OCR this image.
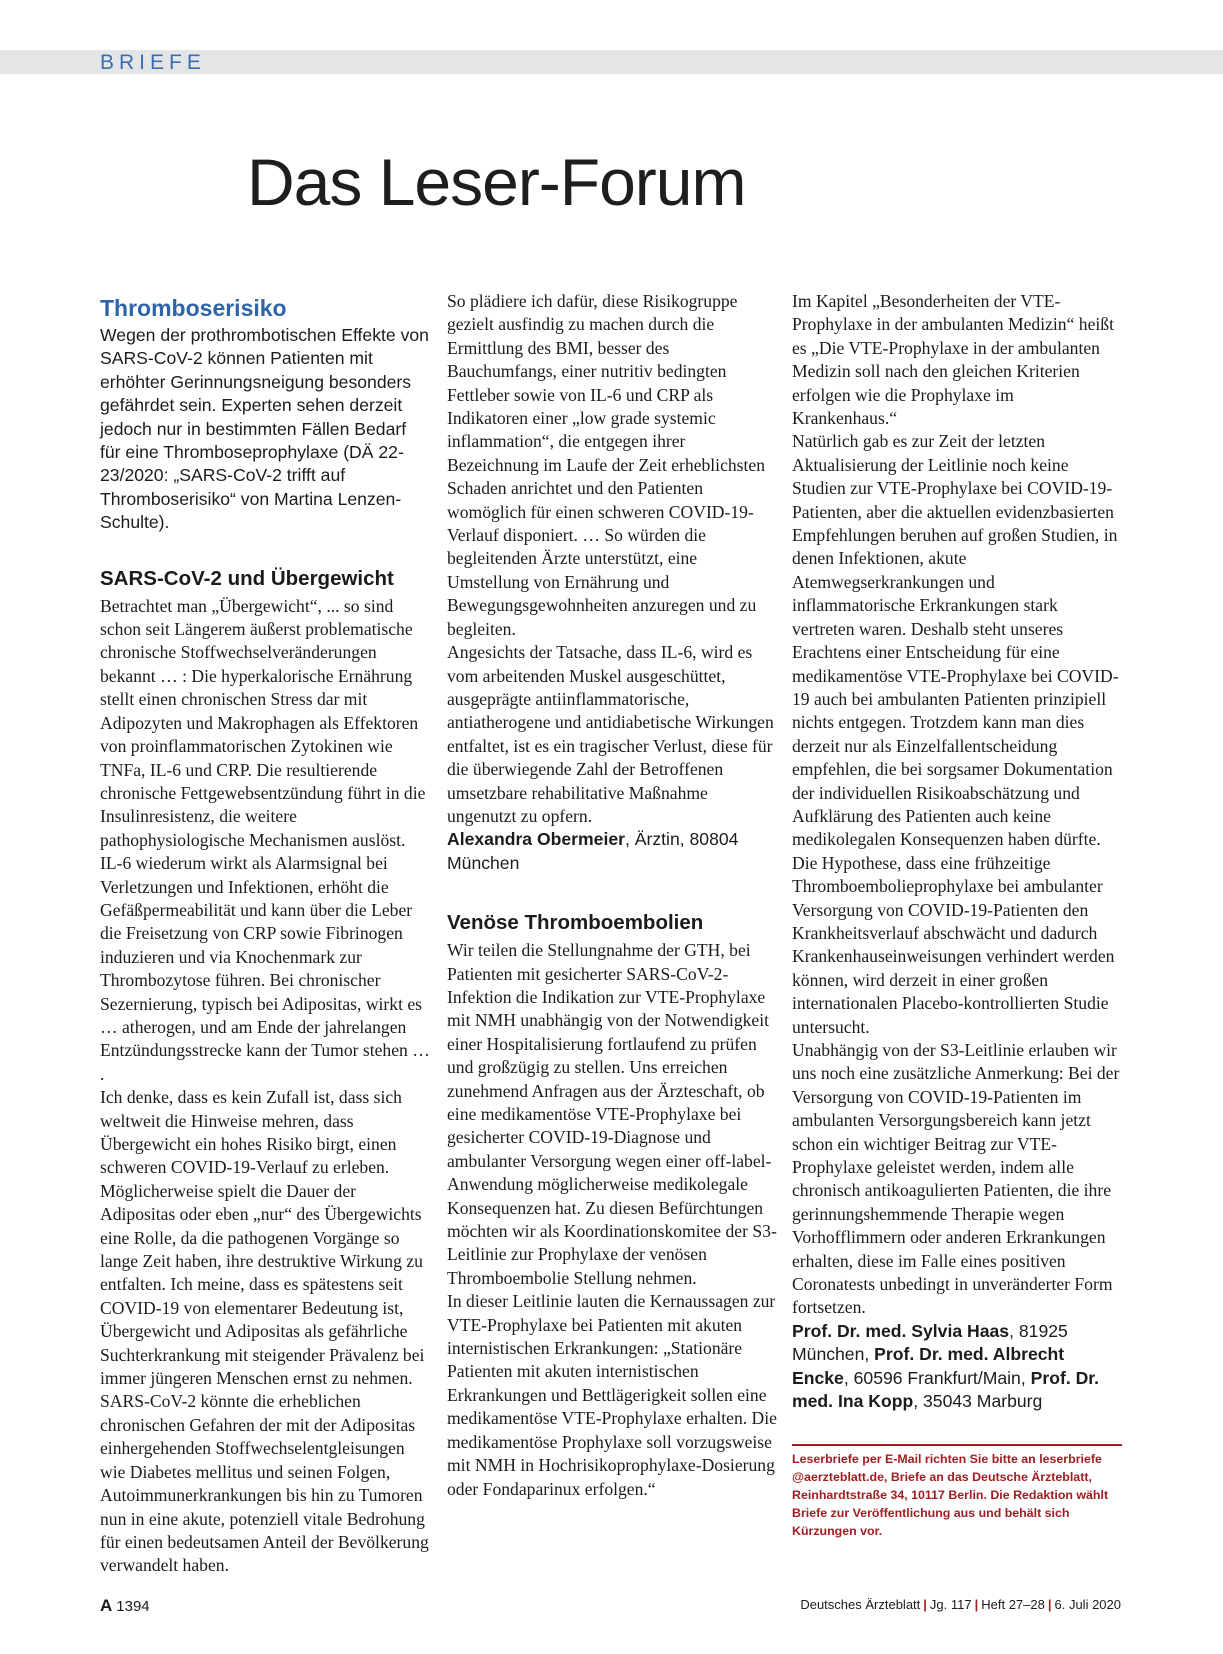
BRIEFE
Das Leser-Forum
Thromboserisiko

Wegen der prothrombotischen Effekte von SARS-CoV-2 können Patienten mit erhöhter Gerinnungsneigung besonders gefährdet sein. Experten sehen derzeit jedoch nur in bestimmten Fällen Bedarf für eine Thromboseprophylaxe (DÄ 22-23/2020: „SARS-CoV-2 trifft auf Thromboserisiko“ von Martina Lenzen-Schulte).

SARS-CoV-2 und Übergewicht

Betrachtet man „Übergewicht“, ... so sind schon seit Längerem äußerst problematische chronische Stoffwechselveränderungen bekannt … : Die hyperkalorische Ernährung stellt einen chronischen Stress dar mit Adipozyten und Makrophagen als Effektoren von proinflammatorischen Zytokinen wie TNFa, IL-6 und CRP. Die resultierende chronische Fettgewebsentzündung führt in die Insulinresistenz, die weitere pathophysiologische Mechanismen auslöst.

IL-6 wiederum wirkt als Alarmsignal bei Verletzungen und Infektionen, erhöht die Gefäßpermeabilität und kann über die Leber die Freisetzung von CRP sowie Fibrinogen induzieren und via Knochenmark zur Thrombozytose führen. Bei chronischer Sezernierung, typisch bei Adipositas, wirkt es … atherogen, und am Ende der jahrelangen Entzündungsstrecke kann der Tumor stehen … .

Ich denke, dass es kein Zufall ist, dass sich weltweit die Hinweise mehren, dass Übergewicht ein hohes Risiko birgt, einen schweren COVID-19-Verlauf zu erleben. Möglicherweise spielt die Dauer der Adipositas oder eben „nur“ des Übergewichts eine Rolle, da die pathogenen Vorgänge so lange Zeit haben, ihre destruktive Wirkung zu entfalten. Ich meine, dass es spätestens seit COVID-19 von elementarer Bedeutung ist, Übergewicht und Adipositas als gefährliche Suchterkrankung mit steigender Prävalenz bei immer jüngeren Menschen ernst zu nehmen. SARS-CoV-2 könnte die erheblichen chronischen Gefahren der mit der Adipositas einhergehenden Stoffwechselentgleisungen wie Diabetes mellitus und seinen Folgen, Autoimmunerkrankungen bis hin zu Tumoren nun in eine akute, potenziell vitale Bedrohung für einen bedeutsamen Anteil der Bevölkerung verwandelt haben.

So plädiere ich dafür, diese Risikogruppe gezielt ausfindig zu machen durch die Ermittlung des BMI, besser des Bauchumfangs, einer nutritiv bedingten Fettleber sowie von IL-6 und CRP als Indikatoren einer „low grade systemic inflammation“, die entgegen ihrer Bezeichnung im Laufe der Zeit erheblichsten Schaden anrichtet und den Patienten womöglich für einen schweren COVID-19-Verlauf disponiert. … So würden die begleitenden Ärzte unterstützt, eine Umstellung von Ernährung und Bewegungsgewohnheiten anzuregen und zu begleiten.

Angesichts der Tatsache, dass IL-6, wird es vom arbeitenden Muskel ausgeschüttet, ausgeprägte antiinflammatorische, antiatherogene und antidiabetische Wirkungen entfaltet, ist es ein tragischer Verlust, diese für die überwiegende Zahl der Betroffenen umsetzbare rehabilitative Maßnahme ungenutzt zu opfern.

Alexandra Obermeier, Ärztin, 80804 München

Venöse Thromboembolien

Wir teilen die Stellungnahme der GTH, bei Patienten mit gesicherter SARS-CoV-2-Infektion die Indikation zur VTE-Prophylaxe mit NMH unabhängig von der Notwendigkeit einer Hospitalisierung fortlaufend zu prüfen und großzügig zu stellen. Uns erreichen zunehmend Anfragen aus der Ärzteschaft, ob eine medikamentöse VTE-Prophylaxe bei gesicherter COVID-19-Diagnose und ambulanter Versorgung wegen einer off-label-Anwendung möglicherweise medikolegale Konsequenzen hat. Zu diesen Befürchtungen möchten wir als Koordinationskomitee der S3-Leitlinie zur Prophylaxe der venösen Thromboembolie Stellung nehmen.

In dieser Leitlinie lauten die Kernaussagen zur VTE-Prophylaxe bei Patienten mit akuten internistischen Erkrankungen: „Stationäre Patienten mit akuten internistischen Erkrankungen und Bettlägerigkeit sollen eine medikamentöse VTE-Prophylaxe erhalten. Die medikamentöse Prophylaxe soll vorzugsweise mit NMH in Hochrisikoprophylaxe-Dosierung oder Fondaparinux erfolgen.“

Im Kapitel „Besonderheiten der VTE-Prophylaxe in der ambulanten Medizin“ heißt es „Die VTE-Prophylaxe in der ambulanten Medizin soll nach den gleichen Kriterien erfolgen wie die Prophylaxe im Krankenhaus.“

Natürlich gab es zur Zeit der letzten Aktualisierung der Leitlinie noch keine Studien zur VTE-Prophylaxe bei COVID-19-Patienten, aber die aktuellen evidenzbasierten Empfehlungen beruhen auf großen Studien, in denen Infektionen, akute Atemwegserkrankungen und inflammatorische Erkrankungen stark vertreten waren. Deshalb steht unseres Erachtens einer Entscheidung für eine medikamentöse VTE-Prophylaxe bei COVID-19 auch bei ambulanten Patienten prinzipiell nichts entgegen. Trotzdem kann man dies derzeit nur als Einzelfallentscheidung empfehlen, die bei sorgsamer Dokumentation der individuellen Risikoabschätzung und Aufklärung des Patienten auch keine medikolegalen Konsequenzen haben dürfte.

Die Hypothese, dass eine frühzeitige Thromboembolieprophylaxe bei ambulanter Versorgung von COVID-19-Patienten den Krankheitsverlauf abschwächt und dadurch Krankenhauseinweisungen verhindert werden können, wird derzeit in einer großen internationalen Placebo-kontrollierten Studie untersucht.

Unabhängig von der S3-Leitlinie erlauben wir uns noch eine zusätzliche Anmerkung: Bei der Versorgung von COVID-19-Patienten im ambulanten Versorgungsbereich kann jetzt schon ein wichtiger Beitrag zur VTE-Prophylaxe geleistet werden, indem alle chronisch antikoagulierten Patienten, die ihre gerinnungshemmende Therapie wegen Vorhofflimmern oder anderen Erkrankungen erhalten, diese im Falle eines positiven Coronatests unbedingt in unveränderter Form fortsetzen.

Prof. Dr. med. Sylvia Haas, 81925 München, Prof. Dr. med. Albrecht Encke, 60596 Frankfurt/Main, Prof. Dr. med. Ina Kopp, 35043 Marburg

Leserbriefe per E-Mail richten Sie bitte an leserbriefe @aerzteblatt.de, Briefe an das Deutsche Ärzteblatt, Reinhardtstraße 34, 10117 Berlin. Die Redaktion wählt Briefe zur Veröffentlichung aus und behält sich Kürzungen vor.
A 1394	Deutsches Ärzteblatt | Jg. 117 | Heft 27–28 | 6. Juli 2020
